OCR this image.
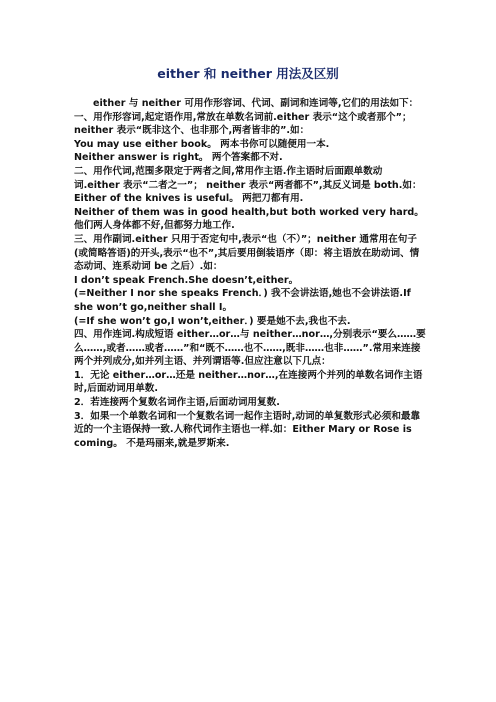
either 和 neither 用法及区别

either 与 neither 可用作形容词、代词、副词和连词等,它们的用法如下：

一、用作形容词,起定语作用,常放在单数名词前.either 表示“这个或者那个”；neither 表示“既非这个、也非那个,两者皆非的”.如：

You may use either book。 两本书你可以随便用一本.

Neither answer is right。 两个答案都不对.

二、用作代词,范围多限定于两者之间,常用作主语.作主语时后面跟单数动词.either 表示“二者之一”； neither 表示“两者都不”,其反义词是 both.如：

Either of the knives is useful。 两把刀都有用.

Neither of them was in good health,but both worked very hard。 他们两人身体都不好,但都努力地工作.

三、用作副词.either 只用于否定句中,表示“也（不）”；neither 通常用在句子(或简略答语)的开头,表示“也不”,其后要用倒装语序（即：将主语放在助动词、情态动词、连系动词 be 之后）.如：

I don’t speak French.She doesn’t,either。

(=Neither I nor she speaks French．) 我不会讲法语,她也不会讲法语.If she won’t go,neither shall I。

(=If she won’t go,I won’t,either．) 要是她不去,我也不去.

四、用作连词.构成短语 either…or…与 neither…nor…,分别表示“要么……要么……,或者……或者……”和“既不……也不……,既非……也非……”.常用来连接两个并列成分,如并列主语、并列谓语等.但应注意以下几点：

1．无论 either…or…还是 neither…nor…,在连接两个并列的单数名词作主语时,后面动词用单数.

2．若连接两个复数名词作主语,后面动词用复数.

3．如果一个单数名词和一个复数名词一起作主语时,动词的单复数形式必须和最靠近的一个主语保持一致.人称代词作主语也一样.如：Either Mary or Rose is coming。 不是玛丽来,就是罗斯来.
